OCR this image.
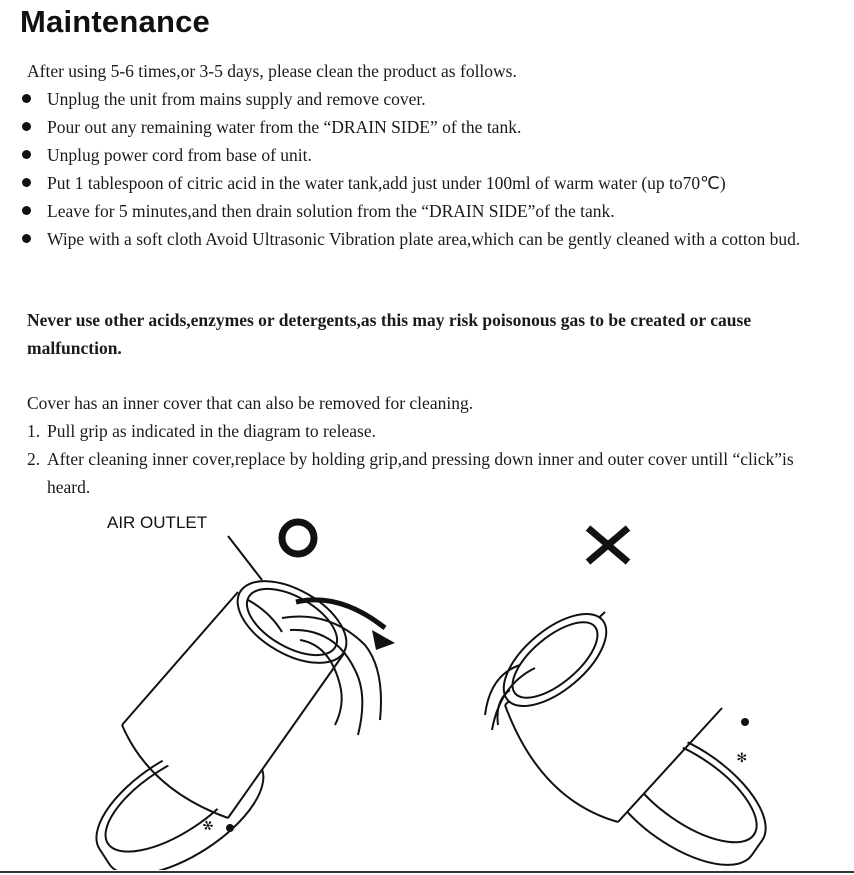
Maintenance
After using 5-6 times,or 3-5 days, please clean the product as follows.
Unplug the unit from mains supply and remove cover.
Pour out any remaining water from the “DRAIN SIDE” of the tank.
Unplug power cord from base of unit.
Put 1 tablespoon of citric acid in the water tank,add just under 100ml of warm water (up to70℃)
Leave for 5 minutes,and then drain solution from the “DRAIN SIDE”of the tank.
Wipe with a soft cloth Avoid Ultrasonic Vibration plate area,which can be gently cleaned with a cotton bud.
Never use other acids,enzymes or detergents,as this may risk poisonous gas to be created or cause malfunction.
Cover has an inner cover that can also be removed for cleaning.
1. Pull grip as indicated in the diagram to release.
2. After cleaning inner cover,replace by holding grip,and pressing down inner and outer cover untill “click”is heard.
✻
✻
AIR OUTLET
